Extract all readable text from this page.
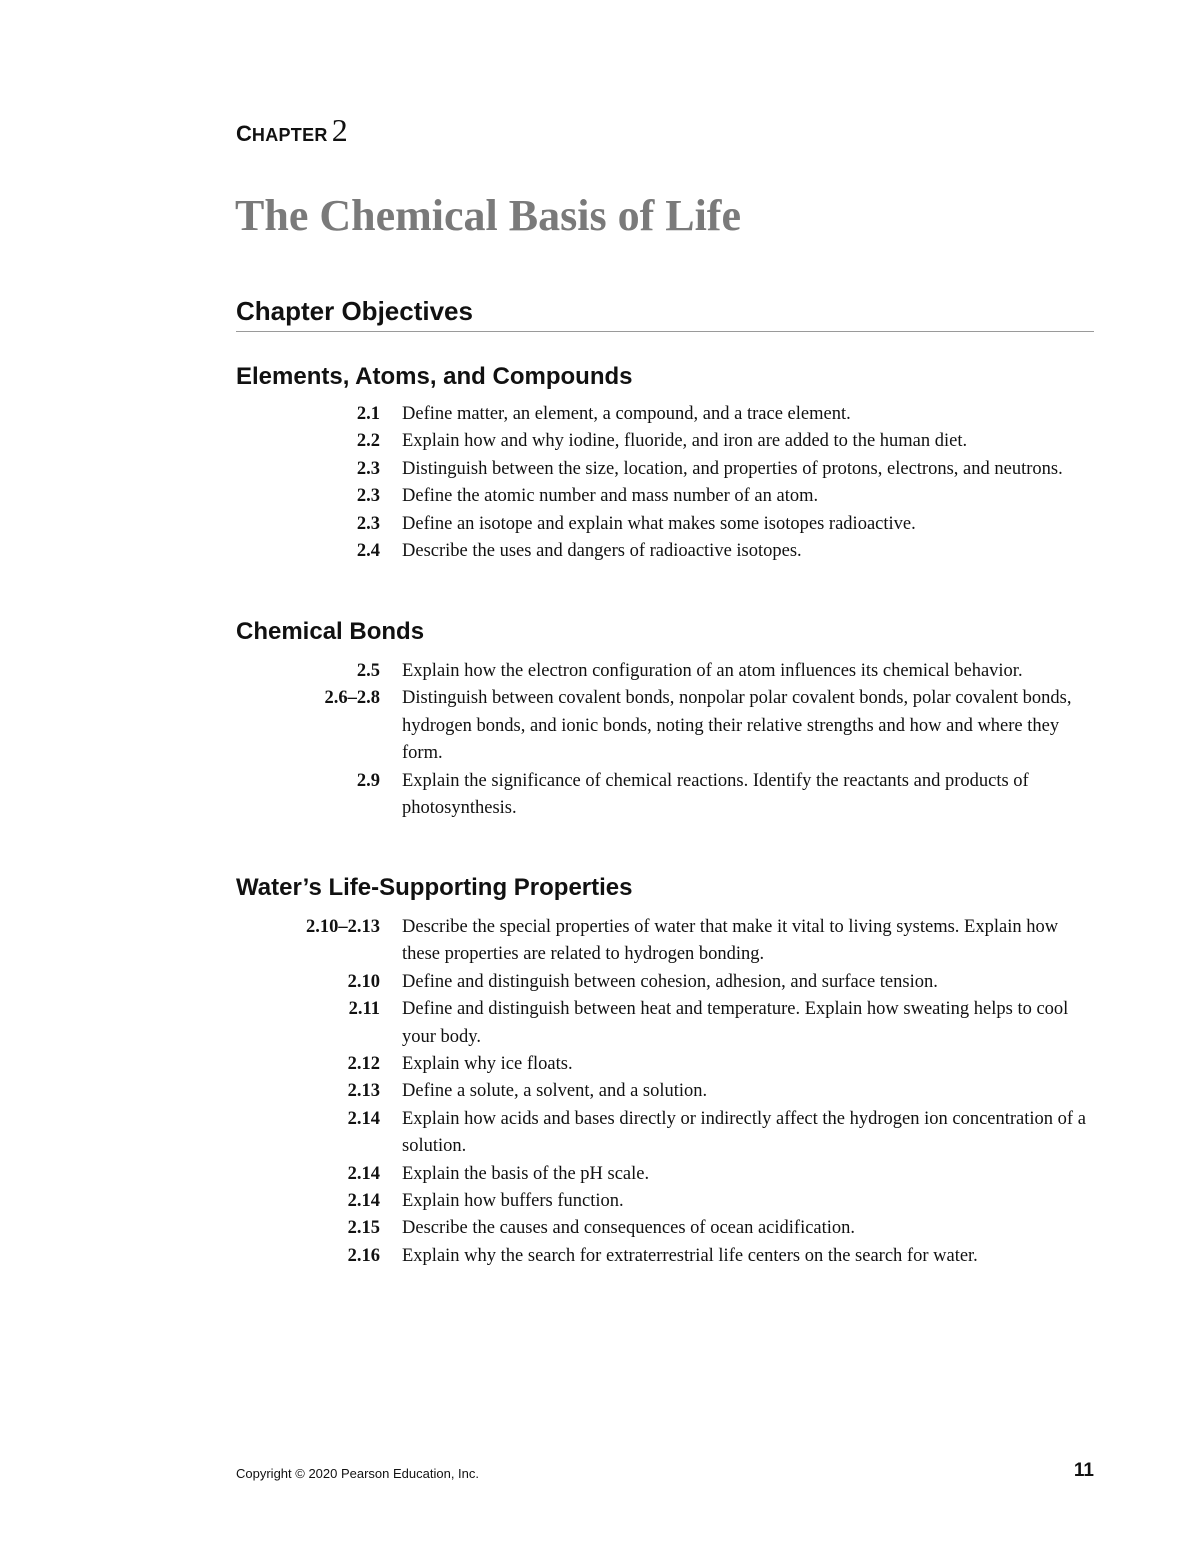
CHAPTER 2
The Chemical Basis of Life
Chapter Objectives
Elements, Atoms, and Compounds
2.1 Define matter, an element, a compound, and a trace element.
2.2 Explain how and why iodine, fluoride, and iron are added to the human diet.
2.3 Distinguish between the size, location, and properties of protons, electrons, and neutrons.
2.3 Define the atomic number and mass number of an atom.
2.3 Define an isotope and explain what makes some isotopes radioactive.
2.4 Describe the uses and dangers of radioactive isotopes.
Chemical Bonds
2.5 Explain how the electron configuration of an atom influences its chemical behavior.
2.6–2.8 Distinguish between covalent bonds, nonpolar polar covalent bonds, polar covalent bonds, hydrogen bonds, and ionic bonds, noting their relative strengths and how and where they form.
2.9 Explain the significance of chemical reactions. Identify the reactants and products of photosynthesis.
Water’s Life-Supporting Properties
2.10–2.13 Describe the special properties of water that make it vital to living systems. Explain how these properties are related to hydrogen bonding.
2.10 Define and distinguish between cohesion, adhesion, and surface tension.
2.11 Define and distinguish between heat and temperature. Explain how sweating helps to cool your body.
2.12 Explain why ice floats.
2.13 Define a solute, a solvent, and a solution.
2.14 Explain how acids and bases directly or indirectly affect the hydrogen ion concentration of a solution.
2.14 Explain the basis of the pH scale.
2.14 Explain how buffers function.
2.15 Describe the causes and consequences of ocean acidification.
2.16 Explain why the search for extraterrestrial life centers on the search for water.
Copyright © 2020 Pearson Education, Inc.	11
